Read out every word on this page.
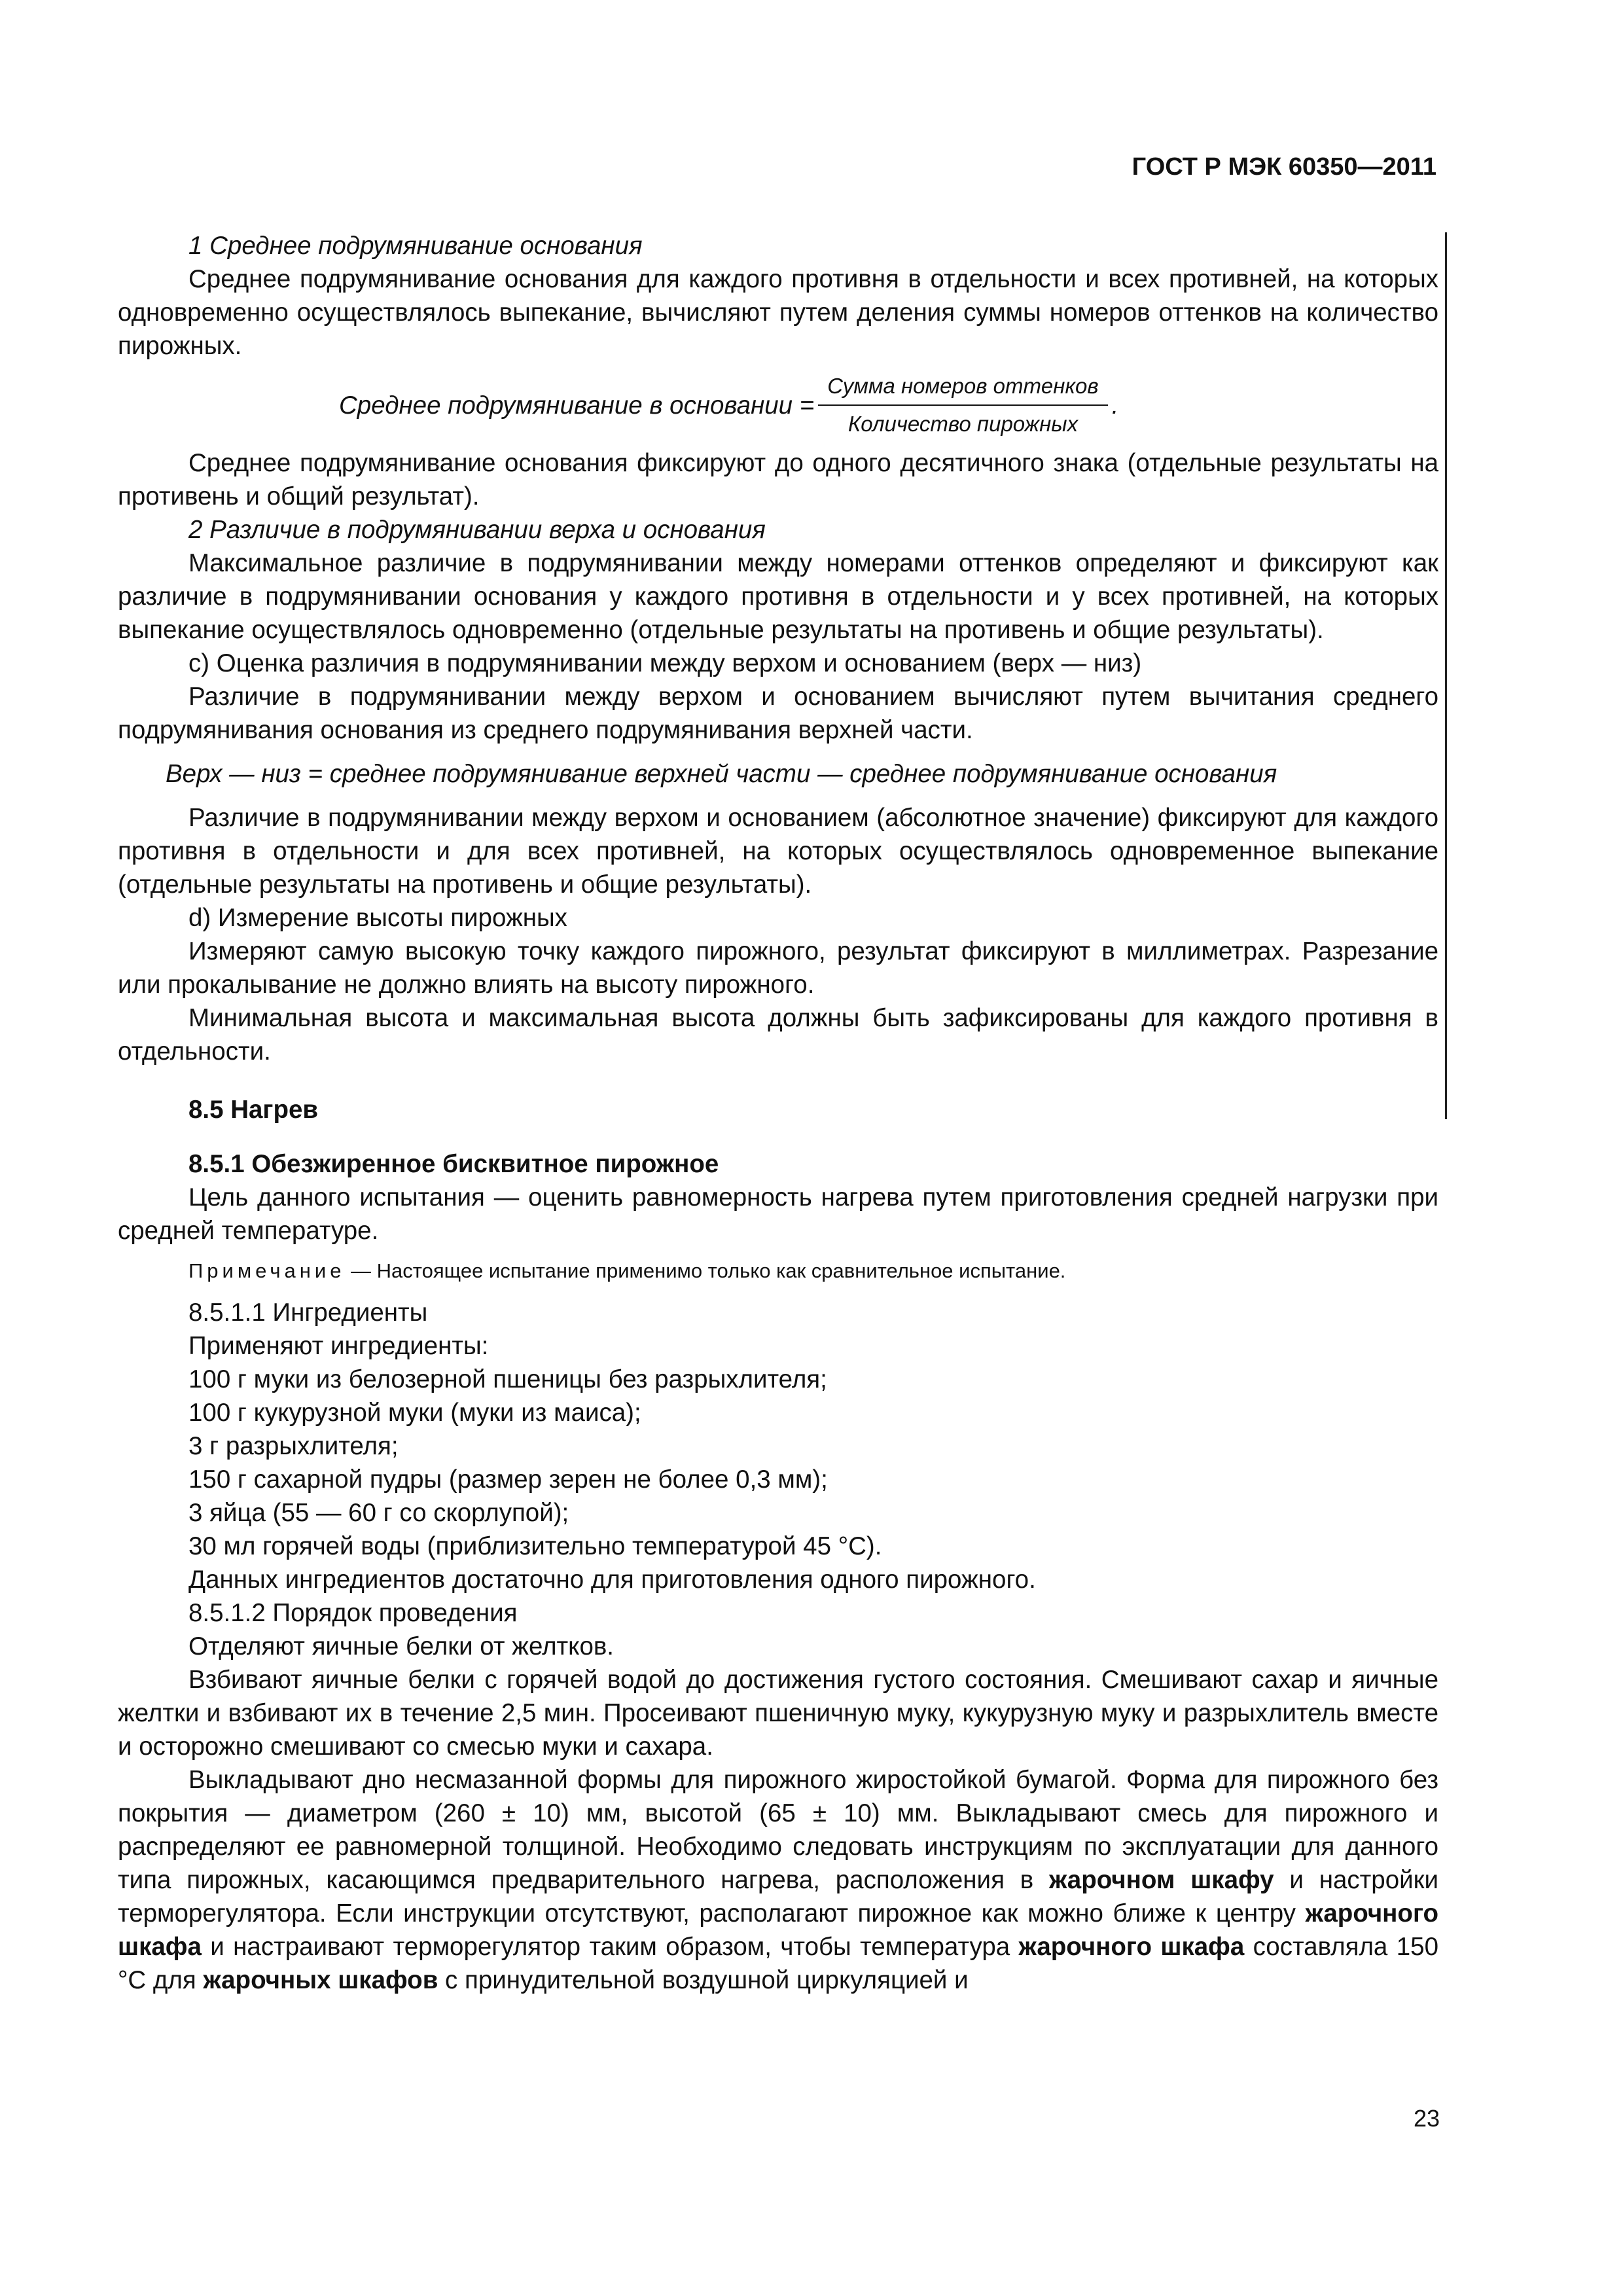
ГОСТ Р МЭК 60350—2011

1 Среднее подрумянивание основания

Среднее подрумянивание основания для каждого противня в отдельности и всех противней, на которых одновременно осуществлялось выпекание, вычисляют путем деления суммы номеров оттенков на количество пирожных.

Среднее подрумянивание в основании = $\frac{\text{Сумма номеров оттенков}}{\text{Количество пирожных}}$ .

Среднее подрумянивание основания фиксируют до одного десятичного знака (отдельные результаты на противень и общий результат).

2 Различие в подрумянивании верха и основания

Максимальное различие в подрумянивании между номерами оттенков определяют и фиксируют как различие в подрумянивании основания у каждого противня в отдельности и у всех противней, на которых выпекание осуществлялось одновременно (отдельные результаты на противень и общие результаты).

c) Оценка различия в подрумянивании между верхом и основанием (верх — низ)

Различие в подрумянивании между верхом и основанием вычисляют путем вычитания среднего подрумянивания основания из среднего подрумянивания верхней части.

Верх — низ = среднее подрумянивание верхней части — среднее подрумянивание основания

Различие в подрумянивании между верхом и основанием (абсолютное значение) фиксируют для каждого противня в отдельности и для всех противней, на которых осуществлялось одновременное выпекание (отдельные результаты на противень и общие результаты).

d) Измерение высоты пирожных

Измеряют самую высокую точку каждого пирожного, результат фиксируют в миллиметрах. Разрезание или прокалывание не должно влиять на высоту пирожного.

Минимальная высота и максимальная высота должны быть зафиксированы для каждого противня в отдельности.

8.5 Нагрев

8.5.1 Обезжиренное бисквитное пирожное

Цель данного испытания — оценить равномерность нагрева путем приготовления средней нагрузки при средней температуре.

Примечание — Настоящее испытание применимо только как сравнительное испытание.

8.5.1.1 Ингредиенты

Применяют ингредиенты:

100 г муки из белозерной пшеницы без разрыхлителя;

100 г кукурузной муки (муки из маиса);

3 г разрыхлителя;

150 г сахарной пудры (размер зерен не более 0,3 мм);

3 яйца (55 — 60 г со скорлупой);

30 мл горячей воды (приблизительно температурой 45 °С).

Данных ингредиентов достаточно для приготовления одного пирожного.

8.5.1.2 Порядок проведения

Отделяют яичные белки от желтков.

Взбивают яичные белки с горячей водой до достижения густого состояния. Смешивают сахар и яичные желтки и взбивают их в течение 2,5 мин. Просеивают пшеничную муку, кукурузную муку и разрыхлитель вместе и осторожно смешивают со смесью муки и сахара.

Выкладывают дно несмазанной формы для пирожного жиростойкой бумагой. Форма для пирожного без покрытия — диаметром (260 ± 10) мм, высотой (65 ± 10) мм. Выкладывают смесь для пирожного и распределяют ее равномерной толщиной. Необходимо следовать инструкциям по эксплуатации для данного типа пирожных, касающимся предварительного нагрева, расположения в жарочном шкафу и настройки терморегулятора. Если инструкции отсутствуют, располагают пирожное как можно ближе к центру жарочного шкафа и настраивают терморегулятор таким образом, чтобы температура жарочного шкафа составляла 150 °С для жарочных шкафов с принудительной воздушной циркуляцией и

23
